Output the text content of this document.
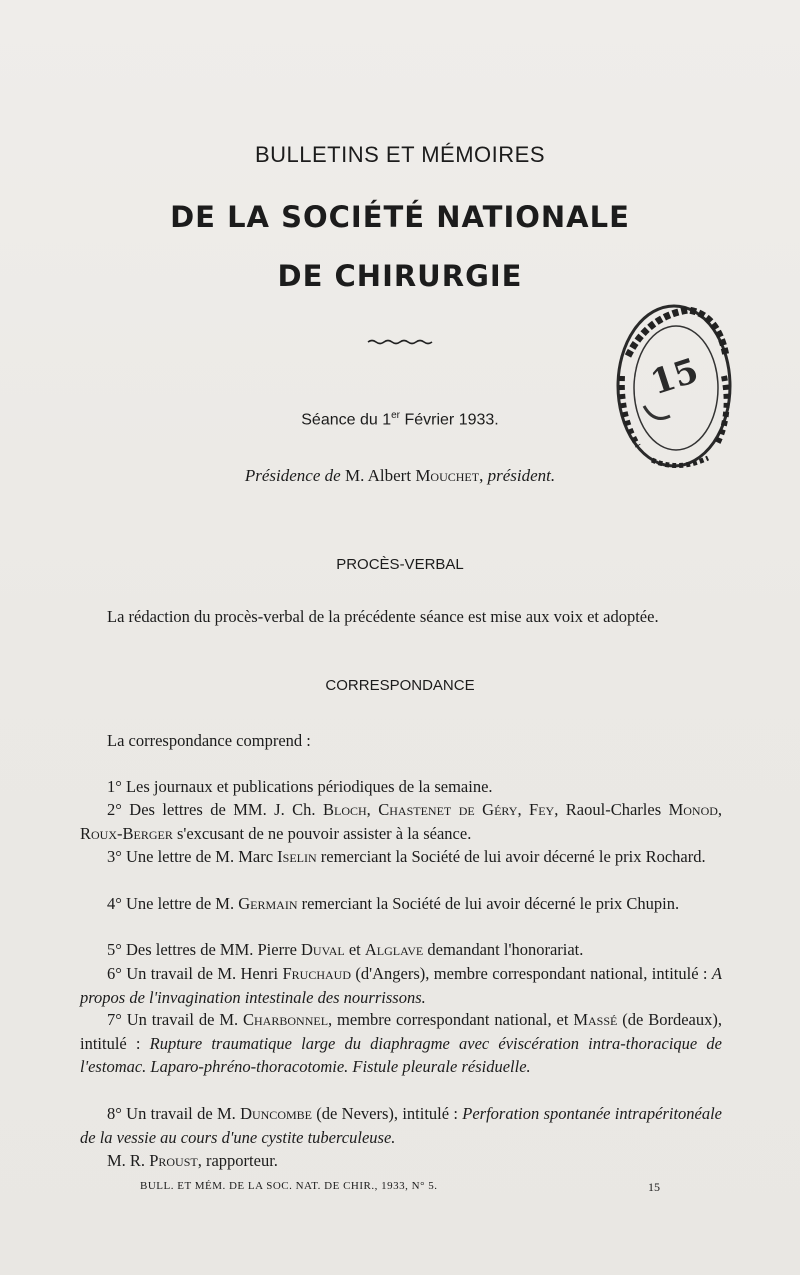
BULLETINS ET MÉMOIRES
DE LA SOCIÉTÉ NATIONALE
DE CHIRURGIE
15
Séance du 1er Février 1933.
Présidence de M. Albert Mouchet, président.
PROCÈS-VERBAL
La rédaction du procès-verbal de la précédente séance est mise aux voix et adoptée.
CORRESPONDANCE
La correspondance comprend :
1° Les journaux et publications périodiques de la semaine.
2° Des lettres de MM. J. Ch. Bloch, Chastenet de Géry, Fey, Raoul-Charles Monod, Roux-Berger s'excusant de ne pouvoir assister à la séance.
3° Une lettre de M. Marc Iselin remerciant la Société de lui avoir décerné le prix Rochard.
4° Une lettre de M. Germain remerciant la Société de lui avoir décerné le prix Chupin.
5° Des lettres de MM. Pierre Duval et Alglave demandant l'honorariat.
6° Un travail de M. Henri Fruchaud (d'Angers), membre correspondant national, intitulé : A propos de l'invagination intestinale des nourrissons.
7° Un travail de M. Charbonnel, membre correspondant national, et Massé (de Bordeaux), intitulé : Rupture traumatique large du diaphragme avec éviscération intra-thoracique de l'estomac. Laparo-phréno-thoracotomie. Fistule pleurale résiduelle.
8° Un travail de M. Duncombe (de Nevers), intitulé : Perforation spontanée intrapéritonéale de la vessie au cours d'une cystite tuberculeuse.
M. R. Proust, rapporteur.
BULL. ET MÉM. DE LA SOC. NAT. DE CHIR., 1933, N° 5.	15
